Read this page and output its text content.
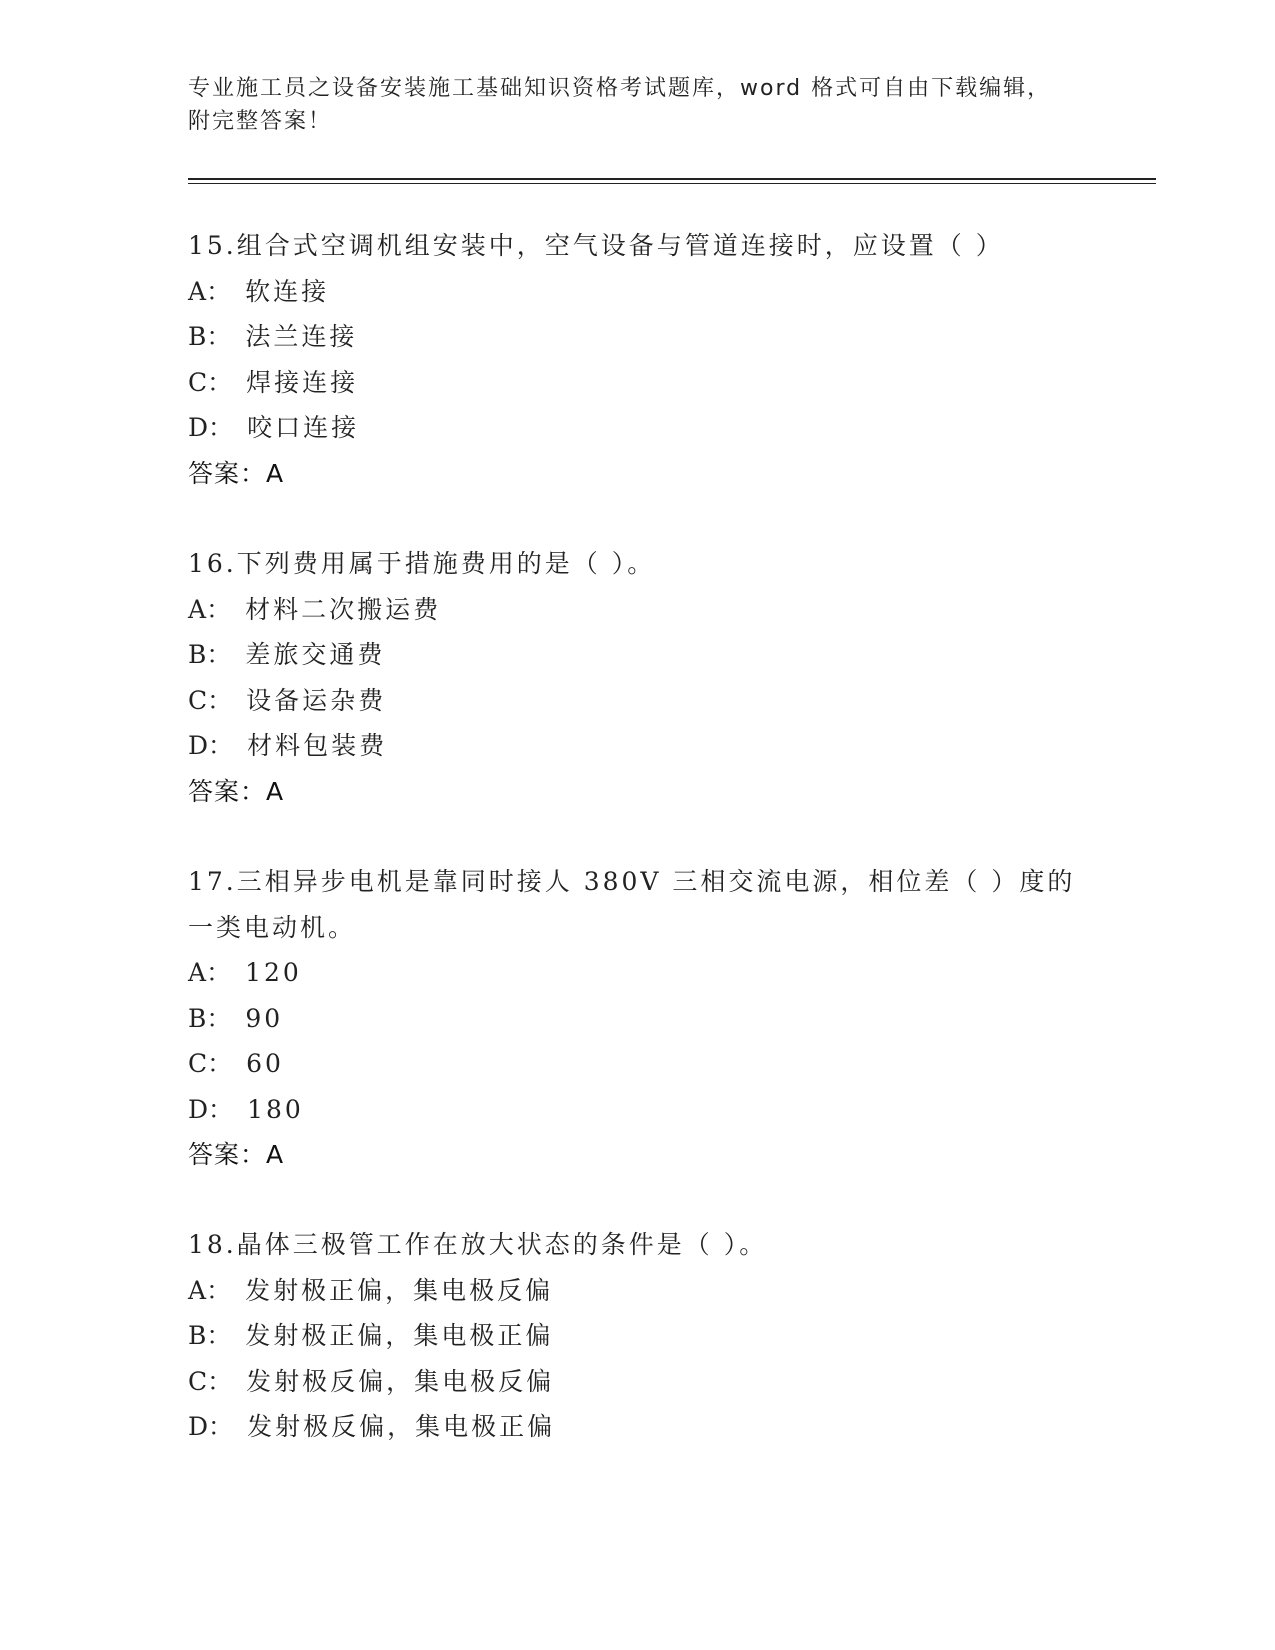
专业施工员之设备安装施工基础知识资格考试题库，word 格式可自由下载编辑，
附完整答案！
15.组合式空调机组安装中，空气设备与管道连接时，应设置（ ）
A： 软连接
B： 法兰连接
C： 焊接连接
D： 咬口连接
答案：A
16.下列费用属于措施费用的是（ ）。
A： 材料二次搬运费
B： 差旅交通费
C： 设备运杂费
D： 材料包装费
答案：A
17.三相异步电机是靠同时接人 380V 三相交流电源，相位差（ ）度的
一类电动机。
A： 120
B： 90
C： 60
D： 180
答案：A
18.晶体三极管工作在放大状态的条件是（ ）。
A： 发射极正偏，集电极反偏
B： 发射极正偏，集电极正偏
C： 发射极反偏，集电极反偏
D： 发射极反偏，集电极正偏
